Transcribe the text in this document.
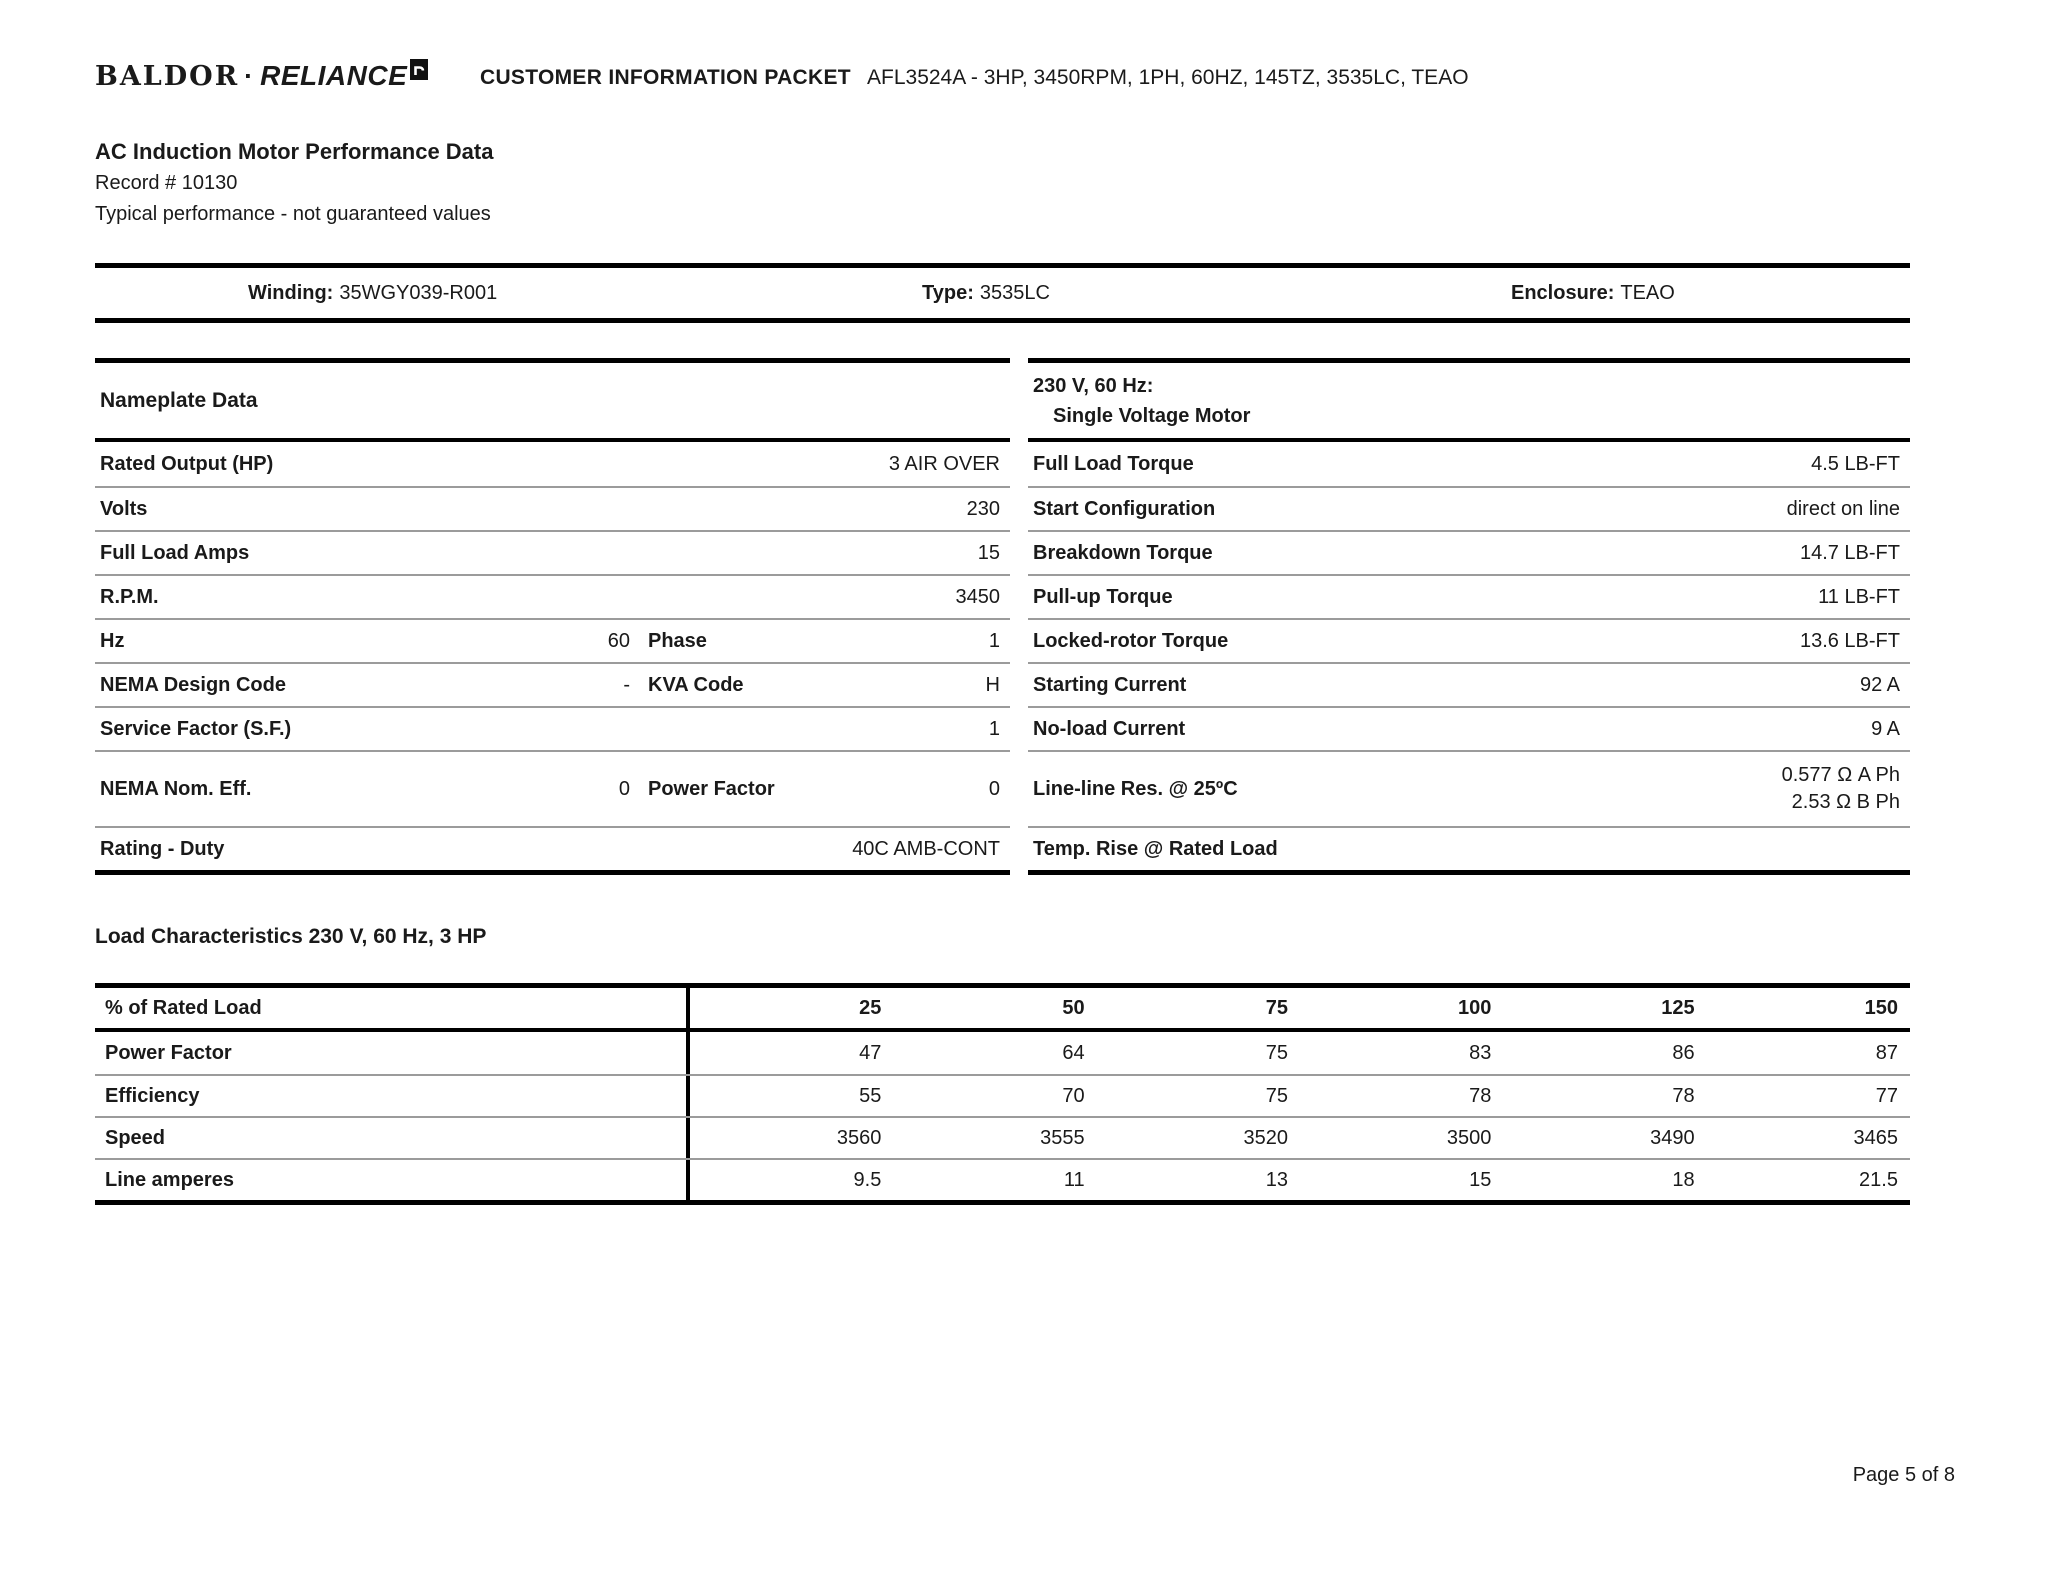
BALDOR · RELIANCE	CUSTOMER INFORMATION PACKET AFL3524A - 3HP, 3450RPM, 1PH, 60HZ, 145TZ, 3535LC, TEAO

AC Induction Motor Performance Data

Record # 10130

Typical performance - not guaranteed values

Winding: 35WGY039-R001	Type: 3535LC	Enclosure: TEAO
Nameplate Data
Rated Output (HP)	3 AIR OVER
Volts	230
Full Load Amps	15
R.P.M.	3450
Hz	60 Phase	1
NEMA Design Code	- KVA Code	H
Service Factor (S.F.)	1
NEMA Nom. Eff.	0 Power Factor	0
Rating - Duty	40C AMB-CONT
230 V, 60 Hz:
Single Voltage Motor
Full Load Torque	4.5 LB-FT
Start Configuration	direct on line
Breakdown Torque	14.7 LB-FT
Pull-up Torque	11 LB-FT
Locked-rotor Torque	13.6 LB-FT
Starting Current	92 A
No-load Current	9 A
Line-line Res. @ 25ºC
0.577 Ω A Ph
2.53 Ω B Ph
Temp. Rise @ Rated Load
Load Characteristics 230 V, 60 Hz, 3 HP
% of Rated Load	25	50	75	100	125	150
Power Factor	47	64	75	83	86	87
Efficiency	55	70	75	78	78	77
Speed	3560	3555	3520	3500	3490	3465
Line amperes	9.5	11	13	15	18	21.5
Page 5 of 8
